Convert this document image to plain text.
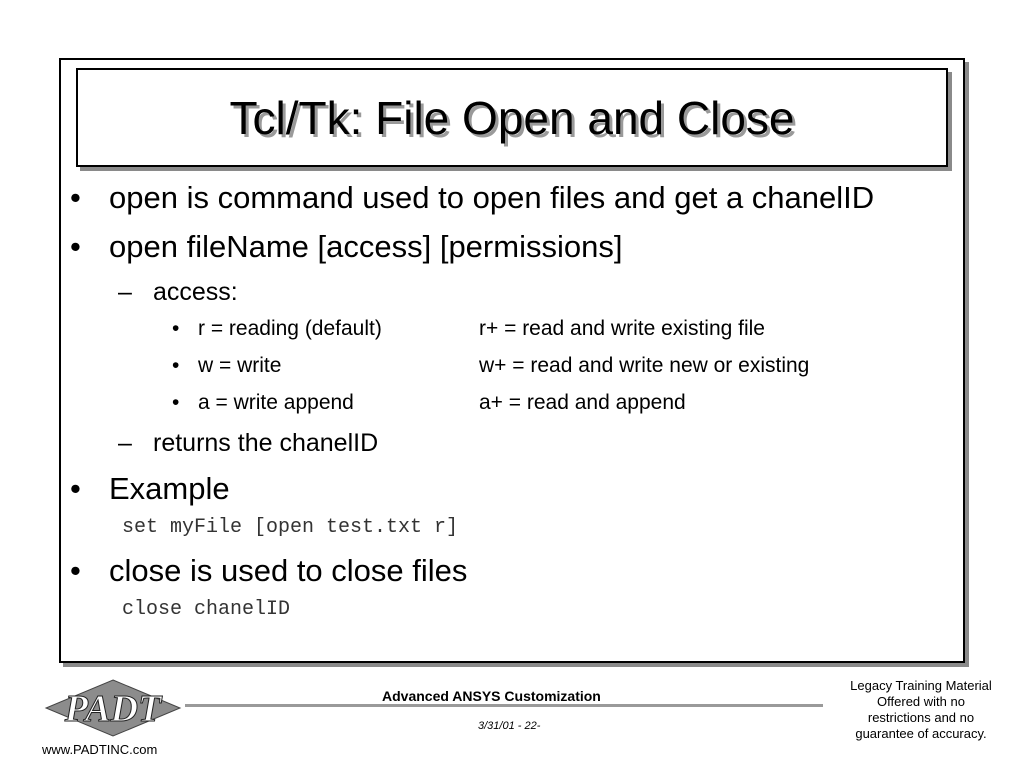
Tcl/Tk: File Open and Close
• open is command used to open files and get a chanelID
• open fileName [access] [permissions]
– access:
• r = reading (default)	r+ = read and write existing file
• w = write	w+ = read and write new or existing
• a = write append	a+ = read and append
– returns the chanelID
• Example
set myFile [open test.txt r]
• close is used to close files
close chanelID
PADT	Advanced ANSYS Customization
3/31/01 - 22-
www.PADTINC.com
Legacy Training Material
Offered with no
restrictions and no
guarantee of accuracy.
